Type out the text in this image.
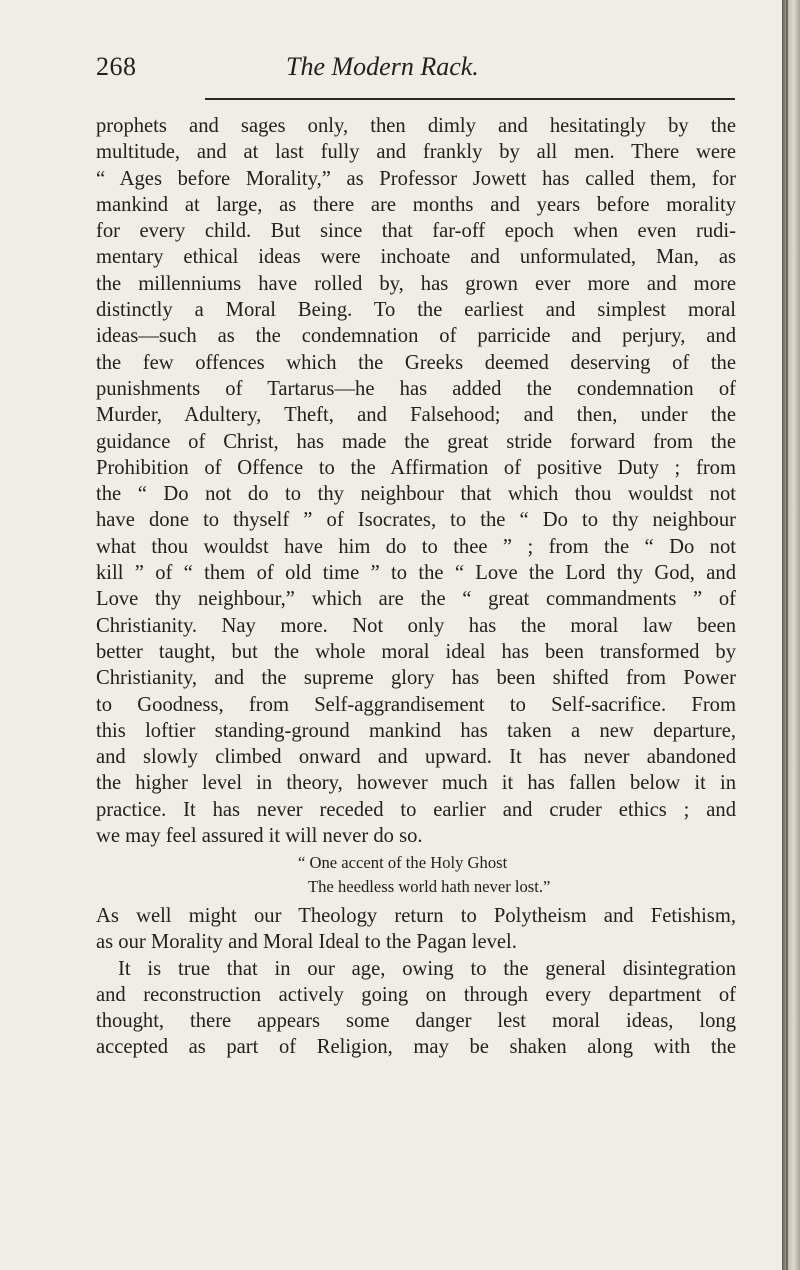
268	The Modern Rack.
prophets and sages only, then dimly and hesitatingly by the
multitude, and at last fully and frankly by all men. There were
“ Ages before Morality,” as Professor Jowett has called them, for
mankind at large, as there are months and years before morality
for every child. But since that far-off epoch when even rudi-
mentary ethical ideas were inchoate and unformulated, Man, as
the millenniums have rolled by, has grown ever more and more
distinctly a Moral Being. To the earliest and simplest moral
ideas—such as the condemnation of parricide and perjury, and
the few offences which the Greeks deemed deserving of the
punishments of Tartarus—he has added the condemnation of
Murder, Adultery, Theft, and Falsehood; and then, under the
guidance of Christ, has made the great stride forward from the
Prohibition of Offence to the Affirmation of positive Duty ; from
the “ Do not do to thy neighbour that which thou wouldst not
have done to thyself ” of Isocrates, to the “ Do to thy neighbour
what thou wouldst have him do to thee ” ; from the “ Do not
kill ” of “ them of old time ” to the “ Love the Lord thy God, and
Love thy neighbour,” which are the “ great commandments ” of
Christianity. Nay more. Not only has the moral law been
better taught, but the whole moral ideal has been transformed by
Christianity, and the supreme glory has been shifted from Power
to Goodness, from Self-aggrandisement to Self-sacrifice. From
this loftier standing-ground mankind has taken a new departure,
and slowly climbed onward and upward. It has never abandoned
the higher level in theory, however much it has fallen below it in
practice. It has never receded to earlier and cruder ethics ; and
we may feel assured it will never do so.
“ One accent of the Holy Ghost
The heedless world hath never lost.”
As well might our Theology return to Polytheism and Fetishism,
as our Morality and Moral Ideal to the Pagan level.
It is true that in our age, owing to the general disintegration
and reconstruction actively going on through every department of
thought, there appears some danger lest moral ideas, long
accepted as part of Religion, may be shaken along with the
